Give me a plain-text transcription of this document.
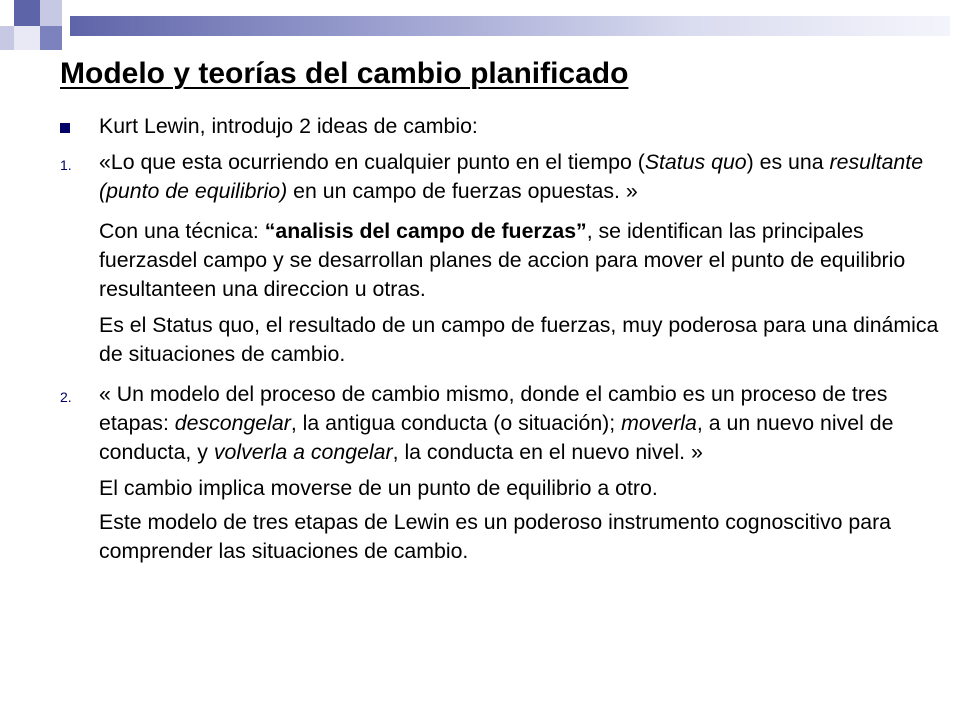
Modelo y teorías del cambio planificado
Kurt Lewin, introdujo 2 ideas de cambio:
1. «Lo que esta ocurriendo en cualquier punto en el tiempo (Status quo) es una resultante (punto de equilibrio) en un campo de fuerzas opuestas. »
Con una técnica: “analisis del campo de fuerzas”, se identifican las principales fuerzasdel campo y se desarrollan planes de accion para mover el punto de equilibrio resultanteen una direccion u otras.
Es el Status quo, el resultado de un campo de fuerzas, muy poderosa para una dinámica de situaciones de cambio.
2. « Un modelo del proceso de cambio mismo, donde el cambio es un proceso de tres etapas: descongelar, la antigua conducta (o situación); moverla, a un nuevo nivel de conducta, y volverla a congelar, la conducta en el nuevo nivel. »
El cambio implica moverse de un punto de equilibrio a otro.
Este modelo de tres etapas de Lewin es un poderoso instrumento cognoscitivo para comprender las situaciones de cambio.
